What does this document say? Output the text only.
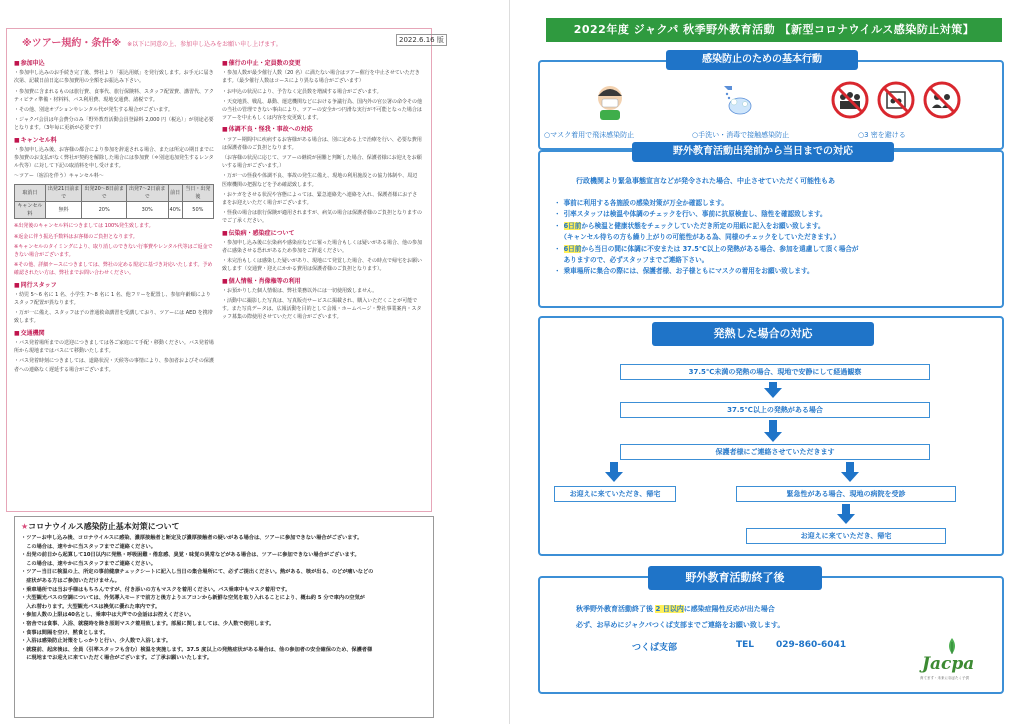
※ツアー規約・条件※ ※以下に同意の上、参加申し込みをお願い申し上げます。
2022.6.16 版
■ 参加申込
・参加申し込みのお手続き完了後、弊社より「振込用紙」を発行致します。お手元に届き次第、記載日前日迄に参加費用の全額をお振込み下さい。
・参加費に含まれるものは旅行費、食事代、旅行保険料、スタッフ配置費、講習代、アクティビティ準備・材料料、バス利用費、現地交通費、諸税です。
・その他、別途オプションやレンタル代が発生する場合がございます。
・ジャクパ会員は年会費分のみ「野外教育活動会員登録料 2,000 円（税込）」が別途必要となります。（3年毎に更新が必要です）
■ キャンセル料
・参加申し込み後、お客様の都合により参加を辞退される場合、または所定の期日までに参加費のお支払がなく弊社が契約を解除した場合には参加費（＊別途追加発生するレンタル代等）に対して下記の取消料を申し受けます。
～ツアー（宿泊を伴う）キャンセル料～
取消日	出発21日前まで	出発20～8日前まで	出発7～2日前まで	前日	当日・出発後
キャンセル料	無料	20%	30%	40%	50%
※出発後のキャンセル料につきましては 100%発生致します。
※返金に伴う振込手数料はお客様のご負担となります。
※キャンセルのタイミングにより、取り消しのできない行事費やレンタル代等はご返金できない場合がございます。
※その他、詳細ケースにつきましては、弊社の定める規定に基づき対応いたします。予め確認されたい方は、弊社までお問い合わせください。
■ 同行スタッフ
・幼児 5～6 名に 1 名、小学生 7～8 名に 1 名、他フリーを配置し、参加年齢順によりスタッフ配置が異なります。
・万が一に備え、スタッフは子の普通救命講習を受講しており、ツアーには AED を携帯致します。
■ 交通機関
・バス発着場所までの送迎につきましては各ご家庭にて手配・移動ください。バス発着場所から現地まではバスにて移動いたします。
・バス発着時刻につきましては、道路状況・天候等の事情により、参加者およびその保護者への連絡なく遅延する場合がございます。
■ 催行の中止・定員数の変更
・参加人数が最少催行人数（20 名）に満たない場合はツアー催行を中止させていただきます。（最少催行人数はコースにより異なる場合がございます）
・お申込の状況により、予告なく定員数を増減する場合がございます。
・天変地異、戦乱、暴動、運送機関などにおける争議行為、国内外の官公署の命令その他の当社の管理できない事由により、ツアーの安全かつ円滑な実行が不可能となった場合はツアーを中止もしくは内容を変更致します。
■ 体調不良・怪我・事故への対応
・ツアー期間中に疾病するお客様がある場合は、別に定める上で治療を行い、必要な費用は保護者様のご負担となります。
（お客様の状況に応じて、ツアーの継続が困難と判断した場合、保護者様にお迎えをお願いする場合がございます。）
・万が一の怪我や体調不良、事故の発生に備え、現地の利用施設との協力体制や、周辺医療機関の把握などを予め確認致します。
・おケガをさせる状況や容態によっては、緊急連絡先へ連絡を入れ、保護者様にお子さまをお迎えいただく場合がございます。
・怪我の場合は旅行保険が適用されますが、病気の場合は保護者様のご負担となりますのでご了承ください。
■ 伝染病・感染症について
・参加申し込み後に伝染病や感染症などに罹った場合もしくは疑いがある場合、他の参加者に感染させる恐れがあるため参加をご辞退ください。
・未完治もしくは感染した疑いがあり、現地にて発覚した場合、その時点で帰宅をお願い致します（交通費・迎えにかかる費用は保護者様のご負担となります）。
■ 個人情報・肖像権等の利用
・お預かりした個人情報は、弊社業務以外には一切使用致しません。
・活動中に撮影した写真は、写真販売サービスに掲載され、購入いただくことが可能です。また写真データは、広報活動を目的として会報・ホームページ・弊社事業案内・スタッフ募集の際使用させていただく場合がございます。
★コロナウイルス感染防止基本対策について
・ツアーお申し込み後、コロナウイルスに感染、濃厚接触者と断定及び濃厚接触者の疑いがある場合は、ツアーに参加できない場合がございます。
　この場合は、速やかに当スタッフまでご連絡ください。
・出発の前日から起算して10日以内に発熱・呼吸困難・倦怠感、臭覚・味覚の異常などがある場合は、ツアーに参加できない場合がございます。
　この場合は、速やかに当スタッフまでご連絡ください。
・ツアー当日に検温の上、所定の事前健康チェックシートに記入し当日の集合場所にて、必ずご提出ください。熱がある、咳が出る、のどが痛いなどの
　症状がある方はご参加いただけません。
・乗車場所では当お手様はもちろんですが、付き添いの方もマスクを着用ください。バス乗車中もマスク着用です。
・大型観光バスの空調については、外気導入モードで前方と後方よりエアコンから新鮮な空気を取り入れることにより、概ね約 5 分で車内の空気が
　入れ替わります。大型観光バスは換気に優れた車内です。
・参加人数の上限は40名とし、乗車中は大声での会話はお控えください。
・宿舎では食事、入浴、就寝時を除き原則マスク着用致します。部屋に関しましては、少人数で使用します。
・食事は間隔を空け、黙食とします。
・入浴は感染防止対策をしっかりと行い、少人数で入浴します。
・就寝前、起床後は、全員（引率スタッフも含む）検温を実施します。37.5 度以上の発熱症状がある場合は、他の参加者の安全確保のため、保護者様
　に現地までお迎えに来ていただく場合がございます。ご了承お願いいたします。
2022年度 ジャクパ 秋季野外教育活動 【新型コロナウイルス感染防止対策】
○マスク着用で飛沫感染防止	○手洗い・消毒で接触感染防止	○3 密を避ける
感染防止のための基本行動
行政機関より緊急事態宣言などが発令された場合、中止させていただく可能性もあ
・ 事前に利用する各施設の感染対策が万全か確認します。
・ 引率スタッフは検温や体調のチェックを行い、事前に抗原検査し、陰性を確認致します。
・ 6日前から検温と健康状態をチェックしていただき所定の用紙に記入をお願い致します。
　（キャンセル待ちの方も繰り上がりの可能性がある為、同様のチェックをしていただきます。）
・ 6日前から当日の間に体調に不安または 37.5℃以上の発熱がある場合、参加を遠慮して頂く場合が
　ありますので、必ずスタッフまでご連絡下さい。
・ 乗車場所に集合の際には、保護者様、お子様ともにマスクの着用をお願い致します。
野外教育活動出発前から当日までの対応
37.5℃未満の発熱の場合、現地で安静にして経過観察
37.5℃以上の発熱がある場合
保護者様にご連絡させていただきます
お迎えに来ていただき、帰宅	緊急性がある場合、現地の病院を受診
お迎えに来ていただき、帰宅
発熱した場合の対応
秋季野外教育活動終了後 2 日以内に感染症陽性反応が出た場合
必ず、お早めにジャクパつくば支部までご連絡をお願い致します。
つくば支部	TEL 029-860-6041
Jacpa
育てます・未来に羽ばたく子供
野外教育活動終了後
